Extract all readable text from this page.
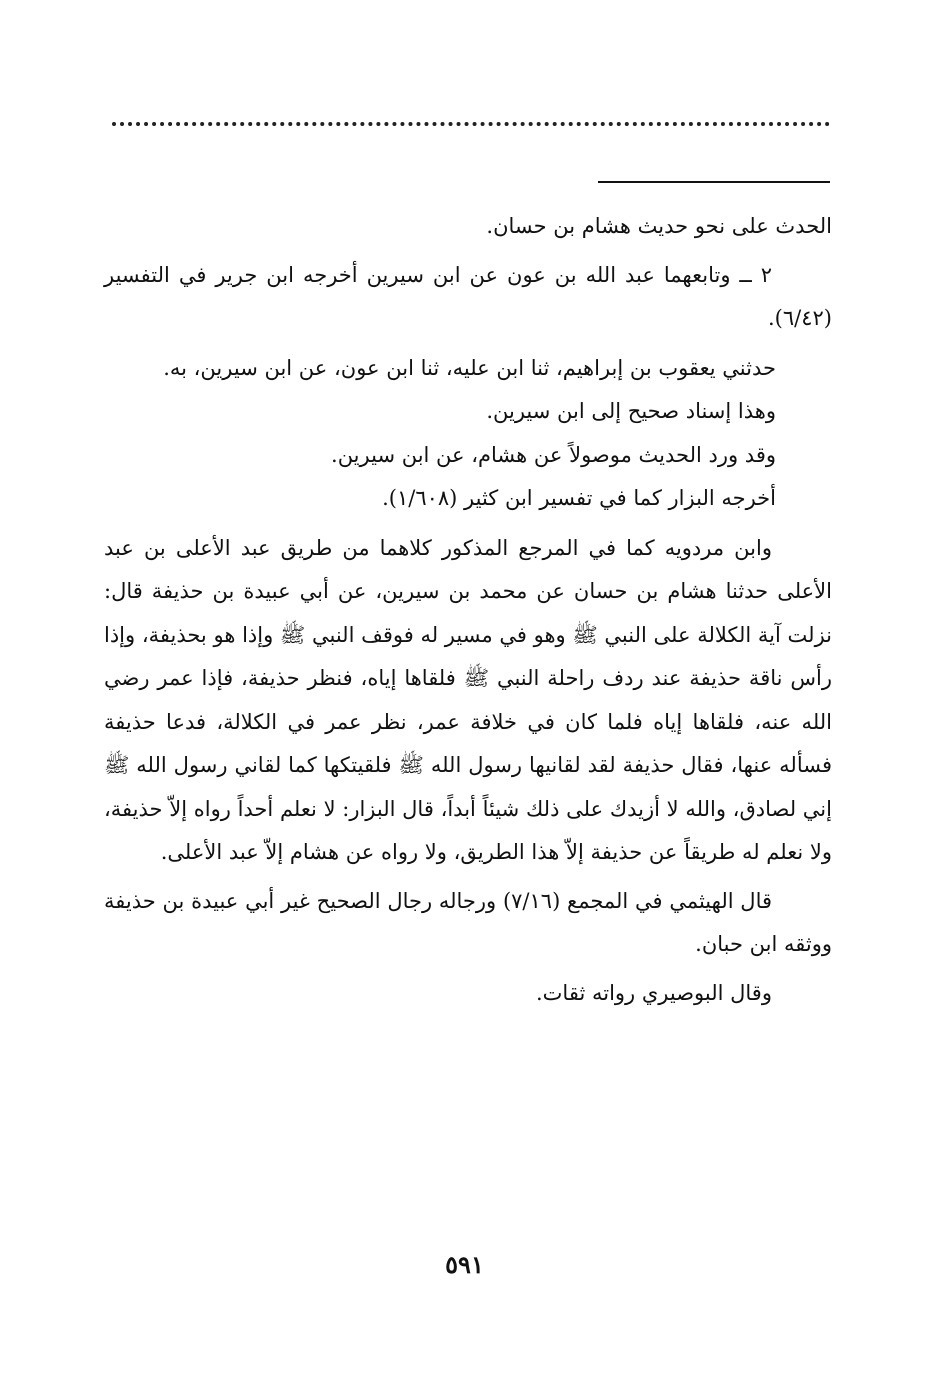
الحدث على نحو حديث هشام بن حسان.

٢ ــ وتابعهما عبد الله بن عون عن ابن سيرين أخرجه ابن جرير في التفسير (٦/٤٢).

حدثني يعقوب بن إبراهيم، ثنا ابن عليه، ثنا ابن عون، عن ابن سيرين، به.

وهذا إسناد صحيح إلى ابن سيرين.

وقد ورد الحديث موصولاً عن هشام، عن ابن سيرين.

أخرجه البزار كما في تفسير ابن كثير (١/٦٠٨).

وابن مردويه كما في المرجع المذكور كلاهما من طريق عبد الأعلى بن عبد الأعلى حدثنا هشام بن حسان عن محمد بن سيرين، عن أبي عبيدة بن حذيفة قال: نزلت آية الكلالة على النبي ﷺ وهو في مسير له فوقف النبي ﷺ وإذا هو بحذيفة، وإذا رأس ناقة حذيفة عند ردف راحلة النبي ﷺ فلقاها إياه، فنظر حذيفة، فإذا عمر رضي الله عنه، فلقاها إياه فلما كان في خلافة عمر، نظر عمر في الكلالة، فدعا حذيفة فسأله عنها، فقال حذيفة لقد لقانيها رسول الله ﷺ فلقيتكها كما لقاني رسول الله ﷺ إني لصادق، والله لا أزيدك على ذلك شيئاً أبداً، قال البزار: لا نعلم أحداً رواه إلاّ حذيفة، ولا نعلم له طريقاً عن حذيفة إلاّ هذا الطريق، ولا رواه عن هشام إلاّ عبد الأعلى.

قال الهيثمي في المجمع (٧/١٦) ورجاله رجال الصحيح غير أبي عبيدة بن حذيفة ووثقه ابن حبان.

وقال البوصيري رواته ثقات.

٥٩١
